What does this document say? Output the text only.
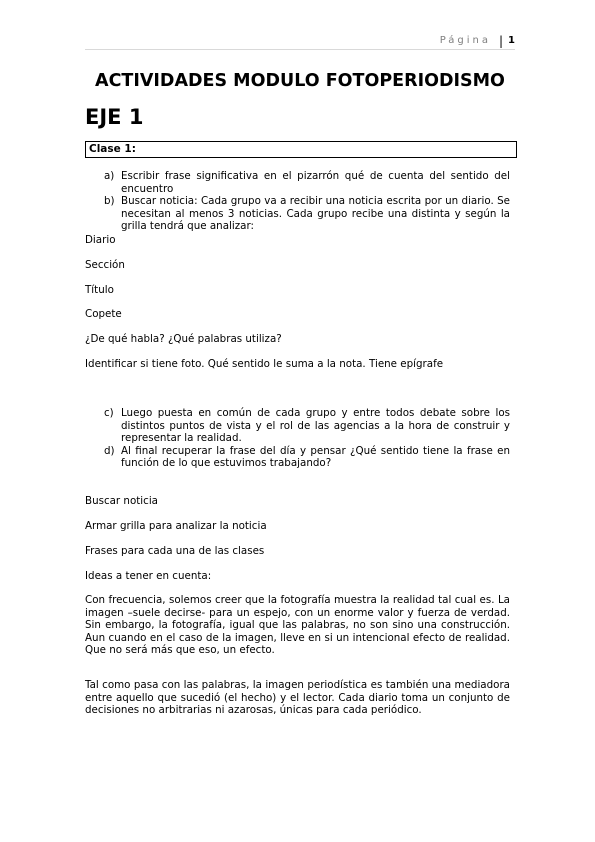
Página | 1
ACTIVIDADES MODULO FOTOPERIODISMO
EJE 1
Clase 1:
a) Escribir frase significativa en el pizarrón qué de cuenta del sentido del encuentro
b) Buscar noticia: Cada grupo va a recibir una noticia escrita por un diario. Se necesitan al menos 3 noticias. Cada grupo recibe una distinta y según la grilla tendrá que analizar:

Diario

Sección

Título

Copete

¿De qué habla? ¿Qué palabras utiliza?

Identificar si tiene foto. Qué sentido le suma a la nota. Tiene epígrafe

c) Luego puesta en común de cada grupo y entre todos debate sobre los distintos puntos de vista y el rol de las agencias a la hora de construir y representar la realidad.
d) Al final recuperar la frase del día y pensar ¿Qué sentido tiene la frase en función de lo que estuvimos trabajando?

Buscar noticia

Armar grilla para analizar la noticia

Frases para cada una de las clases

Ideas a tener en cuenta:

Con frecuencia, solemos creer que la fotografía muestra la realidad tal cual es. La imagen –suele decirse- para un espejo, con un enorme valor y fuerza de verdad. Sin embargo, la fotografía, igual que las palabras, no son sino una construcción. Aun cuando en el caso de la imagen, lleve en si un intencional efecto de realidad. Que no será más que eso, un efecto.

Tal como pasa con las palabras, la imagen periodística es también una mediadora entre aquello que sucedió (el hecho) y el lector. Cada diario toma un conjunto de decisiones no arbitrarias ni azarosas, únicas para cada periódico.
